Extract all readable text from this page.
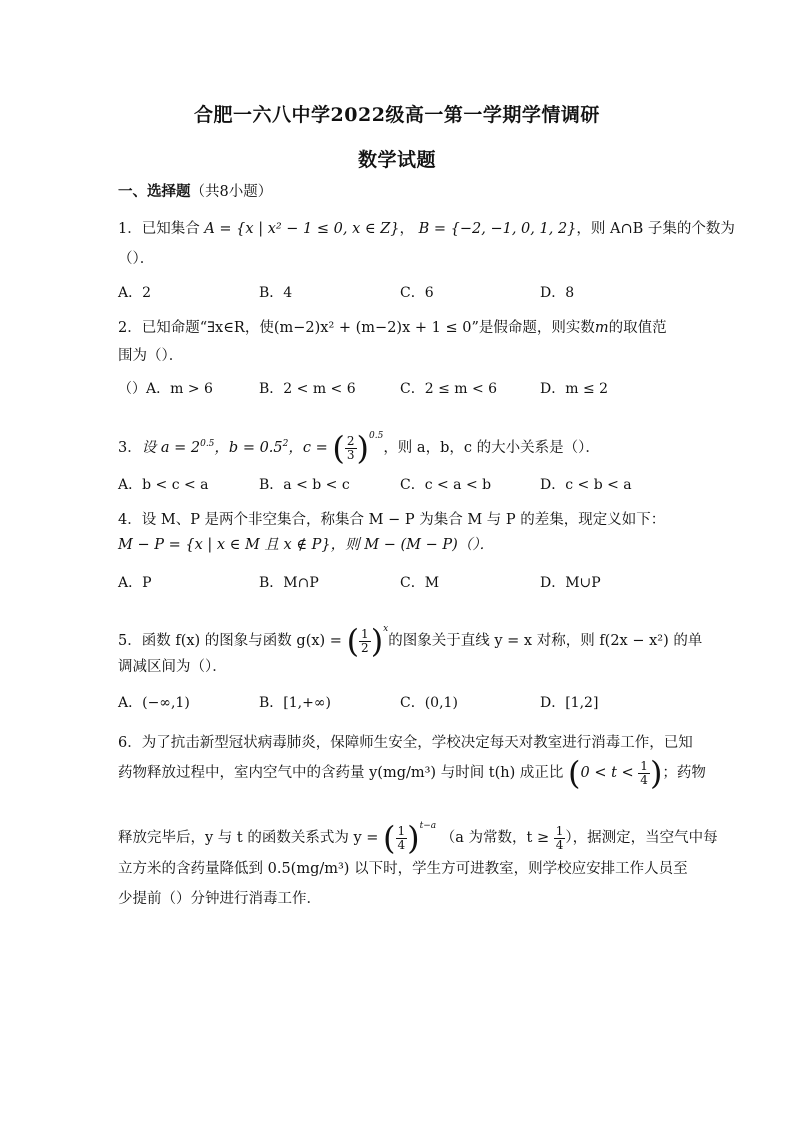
合肥一六八中学2022级高一第一学期学情调研
数学试题
一、选择题（共8小题）
1．已知集合 A = {x | x² − 1 ≤ 0, x ∈ Z}， B = {−2, −1, 0, 1, 2}，则 A∩B 子集的个数为
（）．
A．2	B．4	C．6	D．8
2．已知命题“∃x∈R，使(m−2)x² + (m−2)x + 1 ≤ 0”是假命题，则实数m的取值范
围为（）．
（）A．m > 6	B．2 < m < 6	C．2 ≤ m < 6	D．m ≤ 2
3．设 $a = 2^{0.5}$，$b = 0.5^2$，c = ( $\frac{2}{3} )^{0.5}$，则 a，b，c 的大小关系是（）．
A．b < c < a	B．a < b < c	C．c < a < b	D．c < b < a
4．设 M、P 是两个非空集合，称集合 M − P 为集合 M 与 P 的差集，现定义如下：
M − P = {x | x ∈ M 且 x ∉ P}，则 M − (M − P)（）．
A．P	B．M∩P	C．M	D．M∪P
5．函数 f(x) 的图象与函数 g(x) = ( $\frac{1}{2} )^x$的图象关于直线 y = x 对称，则 f(2x − x²) 的单
调减区间为（）．
A．(−∞,1)	B．[1,+∞)	C．(0,1)	D．[1,2]
6．为了抗击新型冠状病毒肺炎，保障师生安全，学校决定每天对教室进行消毒工作，已知
药物释放过程中，室内空气中的含药量 y(mg/m³) 与时间 t(h) 成正比 ($0 < t < \frac{1}{4}$ )；药物
释放完毕后，y 与 t 的函数关系式为 y = ( $\frac{1}{4} )^{t-a}$ （a 为常数，$t \ge \frac{1}{4}$ ），据测定，当空气中每
立方米的含药量降低到 0.5(mg/m³) 以下时，学生方可进教室，则学校应安排工作人员至
少提前（）分钟进行消毒工作．
